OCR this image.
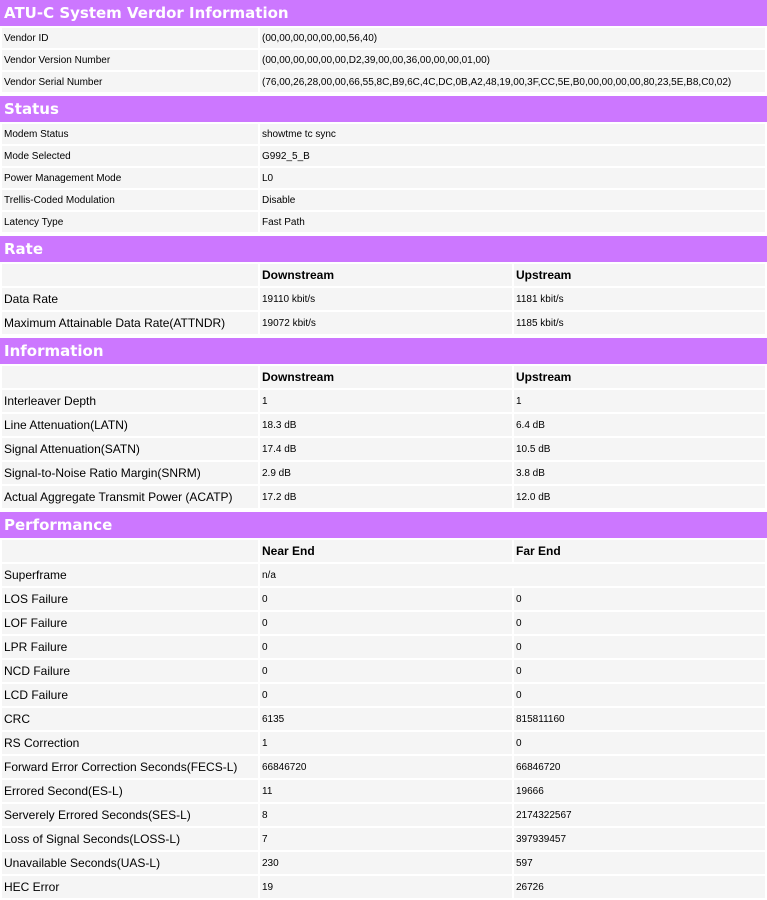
ATU-C System Verdor Information
Vendor ID	(00,00,00,00,00,00,56,40)
Vendor Version Number	(00,00,00,00,00,00,D2,39,00,00,36,00,00,00,01,00)
Vendor Serial Number	(76,00,26,28,00,00,66,55,8C,B9,6C,4C,DC,0B,A2,48,19,00,3F,CC,5E,B0,00,00,00,00,80,23,5E,B8,C0,02)
Status
Modem Status	showtme tc sync
Mode Selected	G992_5_B
Power Management Mode	L0
Trellis-Coded Modulation	Disable
Latency Type	Fast Path
Rate
	Downstream	Upstream
Data Rate	19110 kbit/s	1181 kbit/s
Maximum Attainable Data Rate(ATTNDR)	19072 kbit/s	1185 kbit/s
Information
	Downstream	Upstream
Interleaver Depth	1	1
Line Attenuation(LATN)	18.3 dB	6.4 dB
Signal Attenuation(SATN)	17.4 dB	10.5 dB
Signal-to-Noise Ratio Margin(SNRM)	2.9 dB	3.8 dB
Actual Aggregate Transmit Power (ACATP)	17.2 dB	12.0 dB
Performance
	Near End	Far End
Superframe	n/a	
LOS Failure	0	0
LOF Failure	0	0
LPR Failure	0	0
NCD Failure	0	0
LCD Failure	0	0
CRC	6135	815811160
RS Correction	1	0
Forward Error Correction Seconds(FECS-L)	66846720	66846720
Errored Second(ES-L)	11	19666
Serverely Errored Seconds(SES-L)	8	2174322567
Loss of Signal Seconds(LOSS-L)	7	397939457
Unavailable Seconds(UAS-L)	230	597
HEC Error	19	26726
